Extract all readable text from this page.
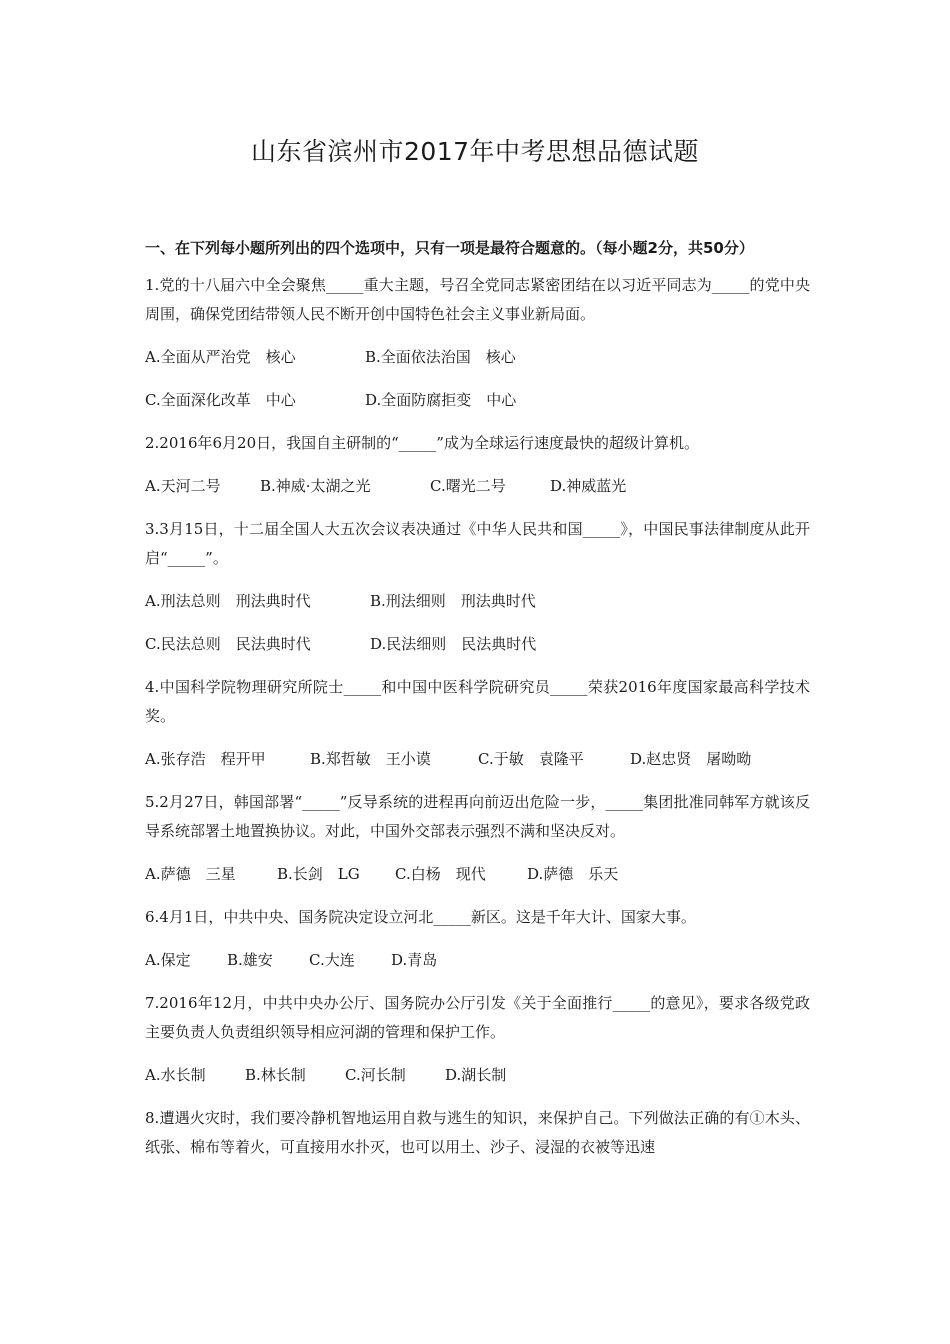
山东省滨州市2017年中考思想品德试题
一、在下列每小题所列出的四个选项中，只有一项是最符合题意的。（每小题2分，共50分）
1.党的十八届六中全会聚焦_____重大主题，号召全党同志紧密团结在以习近平同志为_____的党中央周围，确保党团结带领人民不断开创中国特色社会主义事业新局面。
A.全面从严治党　核心	B.全面依法治国　核心
C.全面深化改革　中心	D.全面防腐拒变　中心
2.2016年6月20日，我国自主研制的“_____”成为全球运行速度最快的超级计算机。
A.天河二号	B.神威·太湖之光	C.曙光二号	D.神威蓝光
3.3月15日，十二届全国人大五次会议表决通过《中华人民共和国_____》，中国民事法律制度从此开启“_____”。
A.刑法总则　刑法典时代	B.刑法细则　刑法典时代
C.民法总则　民法典时代	D.民法细则　民法典时代
4.中国科学院物理研究所院士_____和中国中医科学院研究员_____荣获2016年度国家最高科学技术奖。
A.张存浩　程开甲	B.郑哲敏　王小谟	C.于敏　袁隆平	D.赵忠贤　屠呦呦
5.2月27日，韩国部署“_____”反导系统的进程再向前迈出危险一步，_____集团批准同韩军方就该反导系统部署土地置换协议。对此，中国外交部表示强烈不满和坚决反对。
A.萨德　三星	B.长剑　LG C.白杨　现代	D.萨德　乐天
6.4月1日，中共中央、国务院决定设立河北_____新区。这是千年大计、国家大事。
A.保定 B.雄安 C.大连 D.青岛
7.2016年12月，中共中央办公厅、国务院办公厅引发《关于全面推行_____的意见》，要求各级党政主要负责人负责组织领导相应河湖的管理和保护工作。
A.水长制	B.林长制	C.河长制	D.湖长制
8.遭遇火灾时，我们要冷静机智地运用自救与逃生的知识，来保护自己。下列做法正确的有①木头、纸张、棉布等着火，可直接用水扑灭，也可以用土、沙子、浸湿的衣被等迅速
